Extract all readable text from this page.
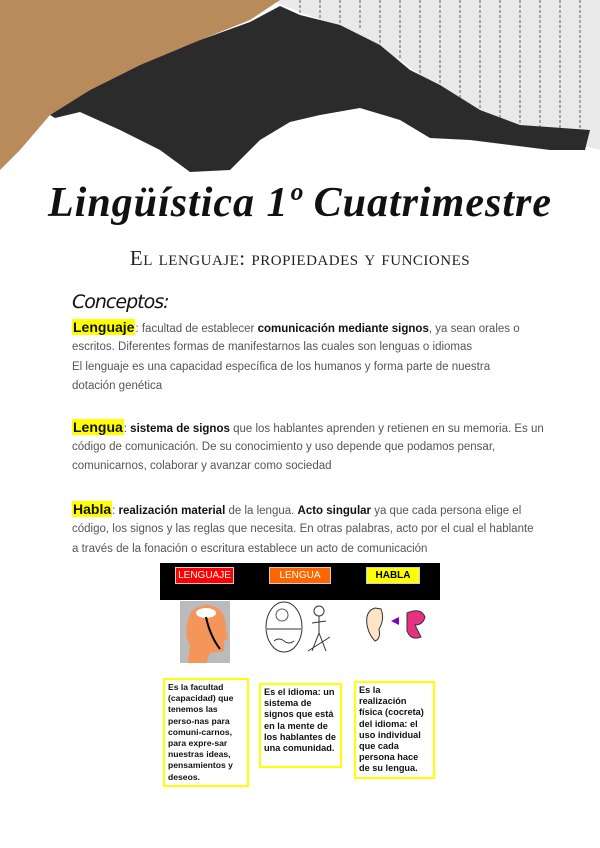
Lingüística 1º Cuatrimestre
El lenguaje: propiedades y funciones
Conceptos:
Lenguaje: facultad de establecer comunicación mediante signos, ya sean orales o
escritos. Diferentes formas de manifestarnos las cuales son lenguas o idiomas
El lenguaje es una capacidad específica de los humanos y forma parte de nuestra
dotación genética
Lengua: sistema de signos que los hablantes aprenden y retienen en su memoria. Es un
código de comunicación. De su conocimiento y uso depende que podamos pensar,
comunicarnos, colaborar y avanzar como sociedad
Habla: realización material de la lengua. Acto singular ya que cada persona elige el
código, los signos y las reglas que necesita. En otras palabras, acto por el cual el hablante
a través de la fonación o escritura establece un acto de comunicación
LENGUAJE	LENGUA	HABLA
Es la facultad (capacidad) que tenemos las perso-nas para comuni-carnos, para expre-sar nuestras ideas, pensamientos y deseos.
Es el idioma: un sistema de signos que está en la mente de los hablantes de una comunidad.
Es la realización física (cocreta) del idioma: el uso individual que cada persona hace de su lengua.
